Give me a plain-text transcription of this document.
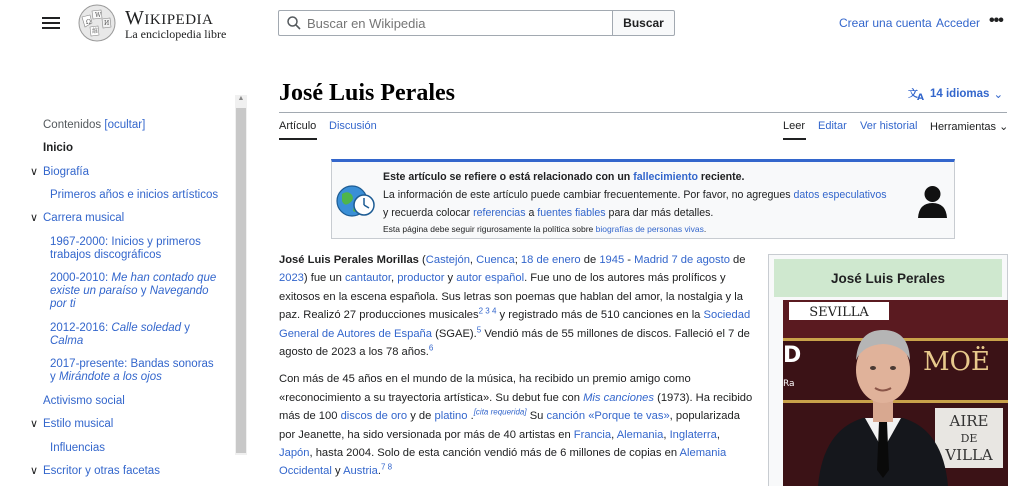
Ω
W
И
維
WIKIPEDIA
La enciclopedia libre
Buscar en Wikipedia
Buscar	Crear una cuenta Acceder •••
Contenidos [ocultar]
Inicio
∨ Biografía
Primeros años e inicios artísticos
∨ Carrera musical
1967-2000: Inicios y primeros
trabajos discográficos
2000-2010: Me han contado que
existe un paraíso y Navegando
por ti
2012-2016: Calle soledad y
Calma
2017-presente: Bandas sonoras
y Mirándote a los ojos
Activismo social
∨ Estilo musical
Influencias
∨ Escritor y otras facetas
▲ José Luis Perales	文 A 14 idiomas ⌄
Artículo Discusión	Leer Editar Ver historial Herramientas ⌄
Este artículo se refiere o está relacionado con un fallecimiento reciente.
La información de este artículo puede cambiar frecuentemente. Por favor, no agregues datos especulativos
y recuerda colocar referencias a fuentes fiables para dar más detalles.
Esta página debe seguir rigurosamente la política sobre biografías de personas vivas.

José Luis Perales Morillas (Castejón, Cuenca; 18 de enero de 1945 - Madrid 7 de agosto de 2023) fue un cantautor, productor y autor español. Fue uno de los autores más prolíficos y exitosos en la escena española. Sus letras son poemas que hablan del amor, la nostalgia y la paz. Realizó 27 producciones musicales$^{2 3 4}$ y registrado más de 510 canciones en la Sociedad General de Autores de España (SGAE).$^5$ Vendió más de 55 millones de discos. Falleció el 7 de agosto de 2023 a los 78 años.$^6$

Con más de 45 años en el mundo de la música, ha recibido un premio amigo como «reconocimiento a su trayectoria artística». Su debut fue con Mis canciones (1973). Ha recibido más de 100 discos de oro y de platino .[cita requerida] Su canción «Porque te vas», popularizada por Jeanette, ha sido versionada por más de 40 artistas en Francia, Alemania, Inglaterra, Japón, hasta 2004. Solo de esta canción vendió más de 6 millones de copias en Alemania Occidental y Austria.$^{7 8}$

José Luis Perales
SEVILLA
D
Ra
MOË
AIRE
DE
VILLA
